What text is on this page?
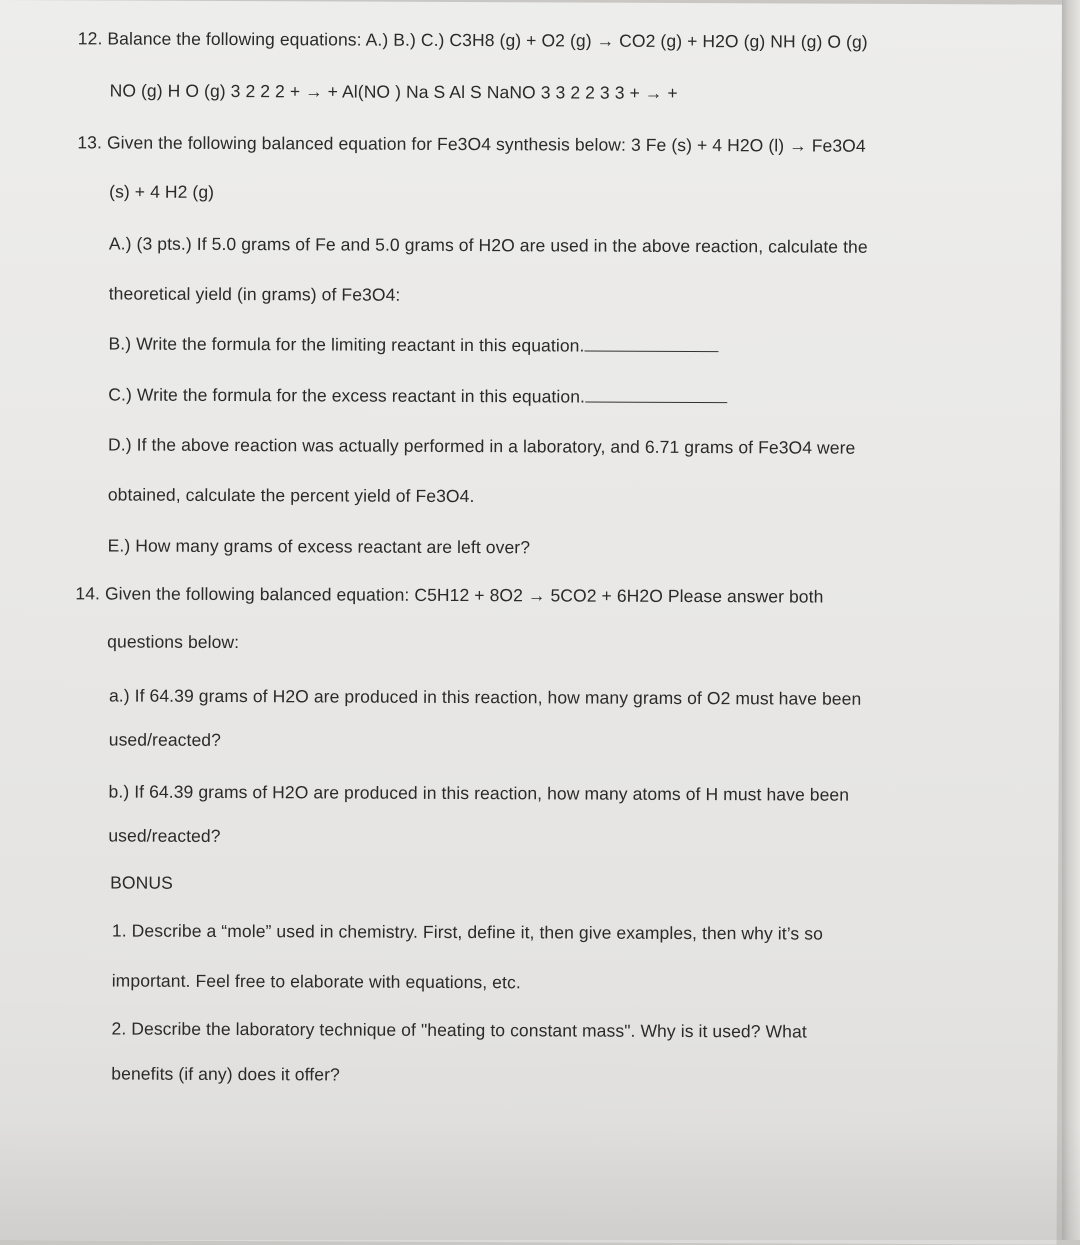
12. Balance the following equations: A.) B.) C.) C3H8 (g) + O2 (g) → CO2 (g) + H2O (g) NH (g) O (g)

NO (g) H O (g) 3 2 2 2 + → + Al(NO ) Na S Al S NaNO 3 3 2 2 3 3 + → +

13. Given the following balanced equation for Fe3O4 synthesis below: 3 Fe (s) + 4 H2O (l) → Fe3O4

(s) + 4 H2 (g)

A.) (3 pts.) If 5.0 grams of Fe and 5.0 grams of H2O are used in the above reaction, calculate the

theoretical yield (in grams) of Fe3O4:

B.) Write the formula for the limiting reactant in this equation.

C.) Write the formula for the excess reactant in this equation.

D.) If the above reaction was actually performed in a laboratory, and 6.71 grams of Fe3O4 were

obtained, calculate the percent yield of Fe3O4.

E.) How many grams of excess reactant are left over?

14. Given the following balanced equation: C5H12 + 8O2 → 5CO2 + 6H2O Please answer both

questions below:

a.) If 64.39 grams of H2O are produced in this reaction, how many grams of O2 must have been

used/reacted?

b.) If 64.39 grams of H2O are produced in this reaction, how many atoms of H must have been

used/reacted?

BONUS

1. Describe a “mole” used in chemistry. First, define it, then give examples, then why it’s so

important. Feel free to elaborate with equations, etc.

2. Describe the laboratory technique of "heating to constant mass". Why is it used? What

benefits (if any) does it offer?
